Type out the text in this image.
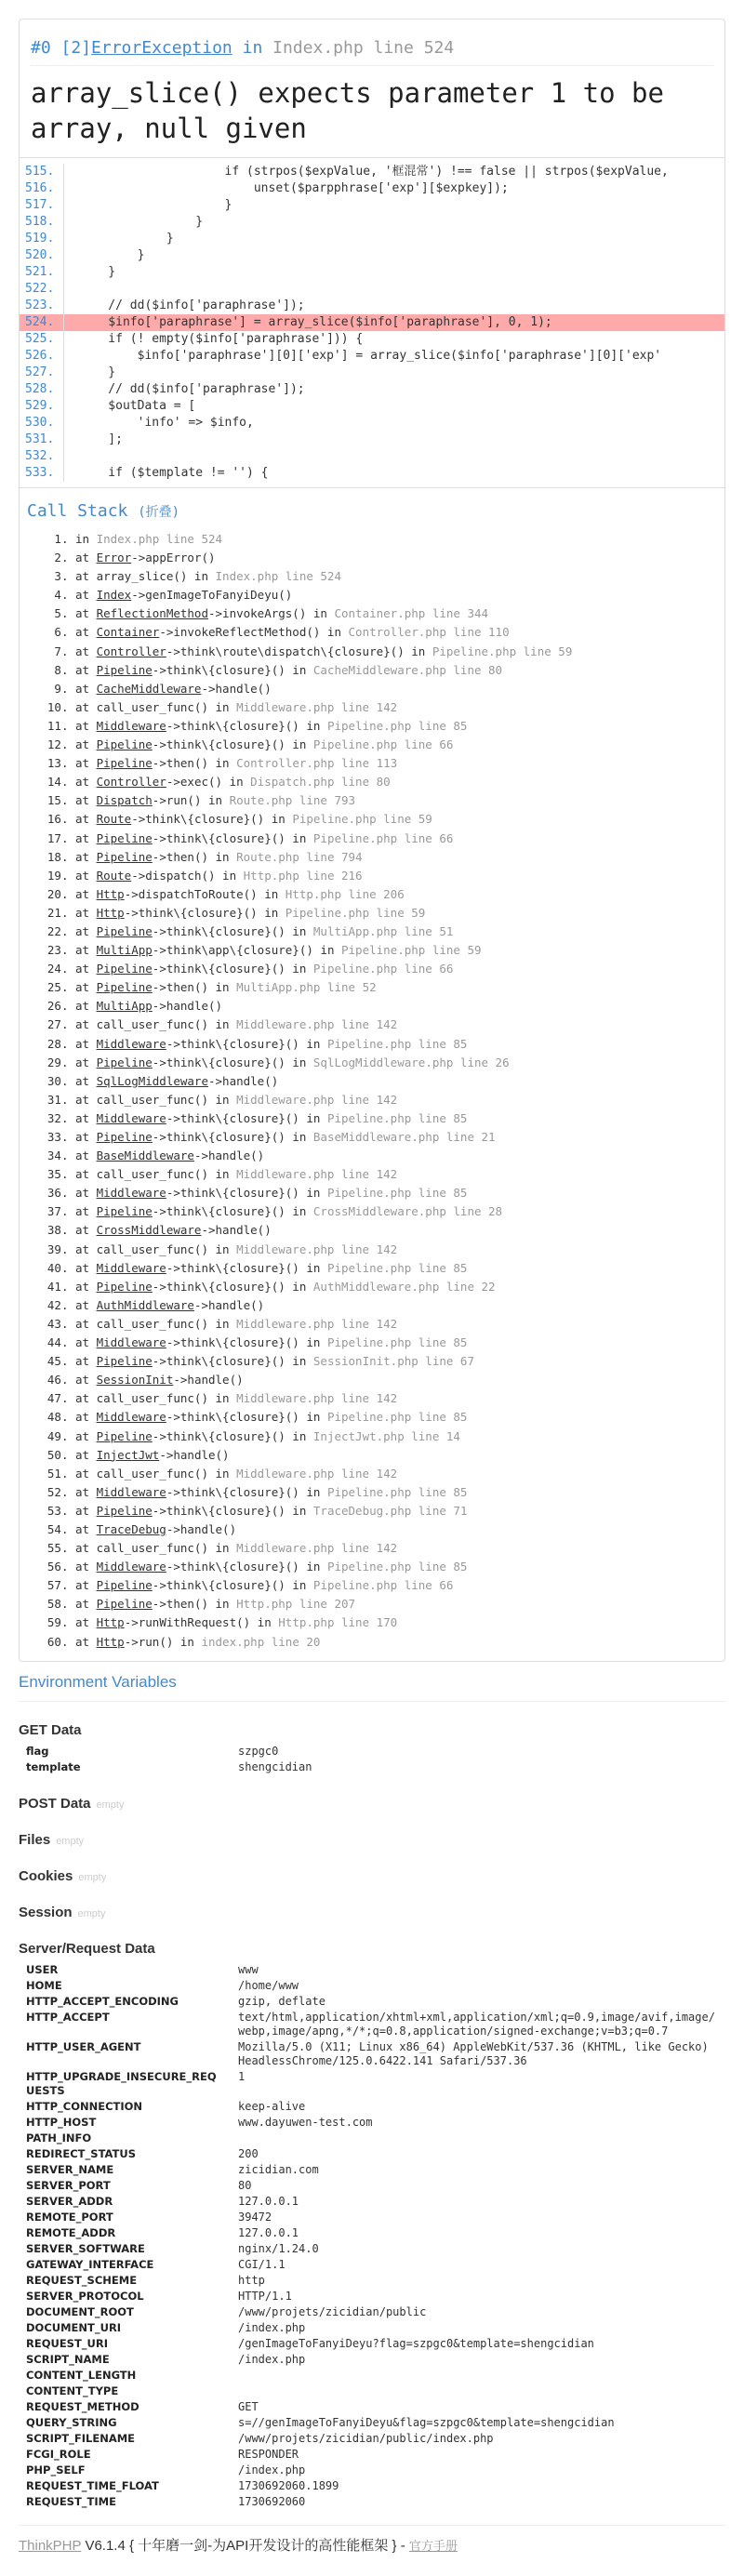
#0 [2]ErrorException in Index.php line 524
array_slice() expects parameter 1 to be array, null given
515.	if (strpos($expValue, '框混常') !== false || strpos($expValue,
516.	unset($parpphrase['exp'][$expkey]);
517.	}
518.	}
519.	}
520.	}
521.	}
522.
523.	// dd($info['paraphrase']);
524.	$info['paraphrase'] = array_slice($info['paraphrase'], 0, 1);
525.	if (! empty($info['paraphrase'])) {
526.	$info['paraphrase'][0]['exp'] = array_slice($info['paraphrase'][0]['exp'
527.	}
528.	// dd($info['paraphrase']);
529.	$outData = [
530.	'info' => $info,
531.	];
532.
533.	if ($template != '') {
Call Stack (折叠)
1. in Index.php line 524
2. at Error->appError()
3. at array_slice() in Index.php line 524
4. at Index->genImageToFanyiDeyu()
5. at ReflectionMethod->invokeArgs() in Container.php line 344
6. at Container->invokeReflectMethod() in Controller.php line 110
7. at Controller->think\route\dispatch\{closure}() in Pipeline.php line 59
8. at Pipeline->think\{closure}() in CacheMiddleware.php line 80
9. at CacheMiddleware->handle()
10. at call_user_func() in Middleware.php line 142
11. at Middleware->think\{closure}() in Pipeline.php line 85
12. at Pipeline->think\{closure}() in Pipeline.php line 66
13. at Pipeline->then() in Controller.php line 113
14. at Controller->exec() in Dispatch.php line 80
15. at Dispatch->run() in Route.php line 793
16. at Route->think\{closure}() in Pipeline.php line 59
17. at Pipeline->think\{closure}() in Pipeline.php line 66
18. at Pipeline->then() in Route.php line 794
19. at Route->dispatch() in Http.php line 216
20. at Http->dispatchToRoute() in Http.php line 206
21. at Http->think\{closure}() in Pipeline.php line 59
22. at Pipeline->think\{closure}() in MultiApp.php line 51
23. at MultiApp->think\app\{closure}() in Pipeline.php line 59
24. at Pipeline->think\{closure}() in Pipeline.php line 66
25. at Pipeline->then() in MultiApp.php line 52
26. at MultiApp->handle()
27. at call_user_func() in Middleware.php line 142
28. at Middleware->think\{closure}() in Pipeline.php line 85
29. at Pipeline->think\{closure}() in SqlLogMiddleware.php line 26
30. at SqlLogMiddleware->handle()
31. at call_user_func() in Middleware.php line 142
32. at Middleware->think\{closure}() in Pipeline.php line 85
33. at Pipeline->think\{closure}() in BaseMiddleware.php line 21
34. at BaseMiddleware->handle()
35. at call_user_func() in Middleware.php line 142
36. at Middleware->think\{closure}() in Pipeline.php line 85
37. at Pipeline->think\{closure}() in CrossMiddleware.php line 28
38. at CrossMiddleware->handle()
39. at call_user_func() in Middleware.php line 142
40. at Middleware->think\{closure}() in Pipeline.php line 85
41. at Pipeline->think\{closure}() in AuthMiddleware.php line 22
42. at AuthMiddleware->handle()
43. at call_user_func() in Middleware.php line 142
44. at Middleware->think\{closure}() in Pipeline.php line 85
45. at Pipeline->think\{closure}() in SessionInit.php line 67
46. at SessionInit->handle()
47. at call_user_func() in Middleware.php line 142
48. at Middleware->think\{closure}() in Pipeline.php line 85
49. at Pipeline->think\{closure}() in InjectJwt.php line 14
50. at InjectJwt->handle()
51. at call_user_func() in Middleware.php line 142
52. at Middleware->think\{closure}() in Pipeline.php line 85
53. at Pipeline->think\{closure}() in TraceDebug.php line 71
54. at TraceDebug->handle()
55. at call_user_func() in Middleware.php line 142
56. at Middleware->think\{closure}() in Pipeline.php line 85
57. at Pipeline->think\{closure}() in Pipeline.php line 66
58. at Pipeline->then() in Http.php line 207
59. at Http->runWithRequest() in Http.php line 170
60. at Http->run() in index.php line 20
Environment Variables
GET Data
flag	szpgc0
template	shengcidian
POST Data empty
Files empty
Cookies empty
Session empty
Server/Request Data
USER	www
HOME	/home/www
HTTP_ACCEPT_ENCODING	gzip, deflate
HTTP_ACCEPT	text/html,application/xhtml+xml,application/xml;q=0.9,image/avif,image/webp,image/apng,*/*;q=0.8,application/signed-exchange;v=b3;q=0.7
HTTP_USER_AGENT	Mozilla/5.0 (X11; Linux x86_64) AppleWebKit/537.36 (KHTML, like Gecko) HeadlessChrome/125.0.6422.141 Safari/537.36
HTTP_UPGRADE_INSECURE_REQUESTS	1
HTTP_CONNECTION	keep-alive
HTTP_HOST	www.dayuwen-test.com
PATH_INFO	
REDIRECT_STATUS	200
SERVER_NAME	zicidian.com
SERVER_PORT	80
SERVER_ADDR	127.0.0.1
REMOTE_PORT	39472
REMOTE_ADDR	127.0.0.1
SERVER_SOFTWARE	nginx/1.24.0
GATEWAY_INTERFACE	CGI/1.1
REQUEST_SCHEME	http
SERVER_PROTOCOL	HTTP/1.1
DOCUMENT_ROOT	/www/projets/zicidian/public
DOCUMENT_URI	/index.php
REQUEST_URI	/genImageToFanyiDeyu?flag=szpgc0&template=shengcidian
SCRIPT_NAME	/index.php
CONTENT_LENGTH	
CONTENT_TYPE	
REQUEST_METHOD	GET
QUERY_STRING	s=//genImageToFanyiDeyu&flag=szpgc0&template=shengcidian
SCRIPT_FILENAME	/www/projets/zicidian/public/index.php
FCGI_ROLE	RESPONDER
PHP_SELF	/index.php
REQUEST_TIME_FLOAT	1730692060.1899
REQUEST_TIME	1730692060
ThinkPHP V6.1.4 { 十年磨一剑-为API开发设计的高性能框架 } - 官方手册
